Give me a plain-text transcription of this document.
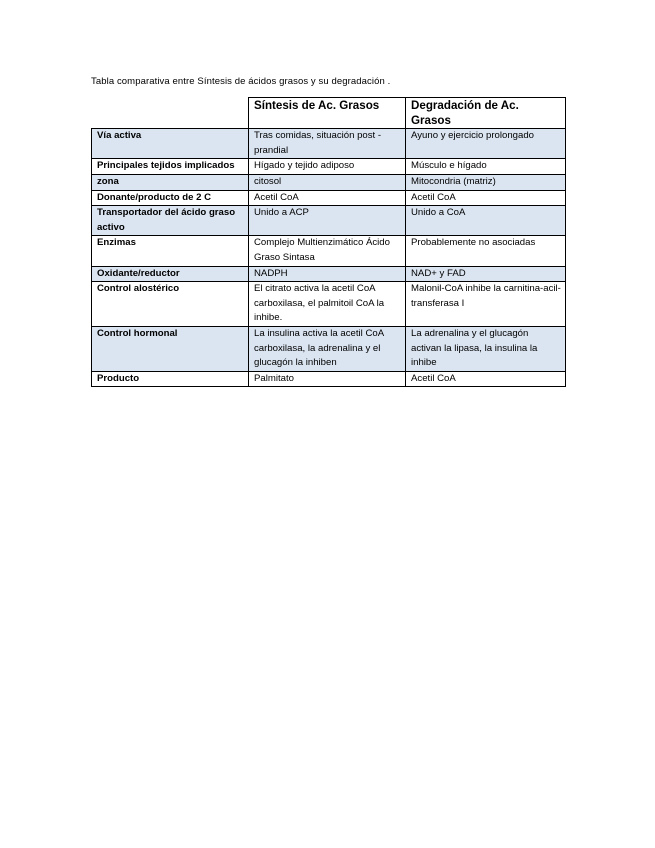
Tabla comparativa entre Síntesis de ácidos grasos y su degradación .
	Síntesis de Ac. Grasos	Degradación de Ac. Grasos
Vía activa	Tras comidas, situación post - prandial	Ayuno y ejercicio prolongado
Principales tejidos implicados	Hígado y tejido adiposo	Músculo e hígado
zona	citosol	Mitocondria (matriz)
Donante/producto de 2 C	Acetil CoA	Acetil CoA
Transportador del ácido graso activo	Unido a ACP	Unido a CoA
Enzimas	Complejo Multienzimático Ácido Graso Sintasa	Probablemente no asociadas
Oxidante/reductor	NADPH	NAD+ y FAD
Control alostérico	El citrato activa la acetil CoA carboxilasa, el palmitoil CoA la inhibe.	Malonil-CoA inhibe la carnitina-acil-transferasa I
Control hormonal	La insulina activa la acetil CoA carboxilasa, la adrenalina y el glucagón la inhiben	La adrenalina y el glucagón activan la lipasa, la insulina la inhibe
Producto	Palmitato	Acetil CoA
